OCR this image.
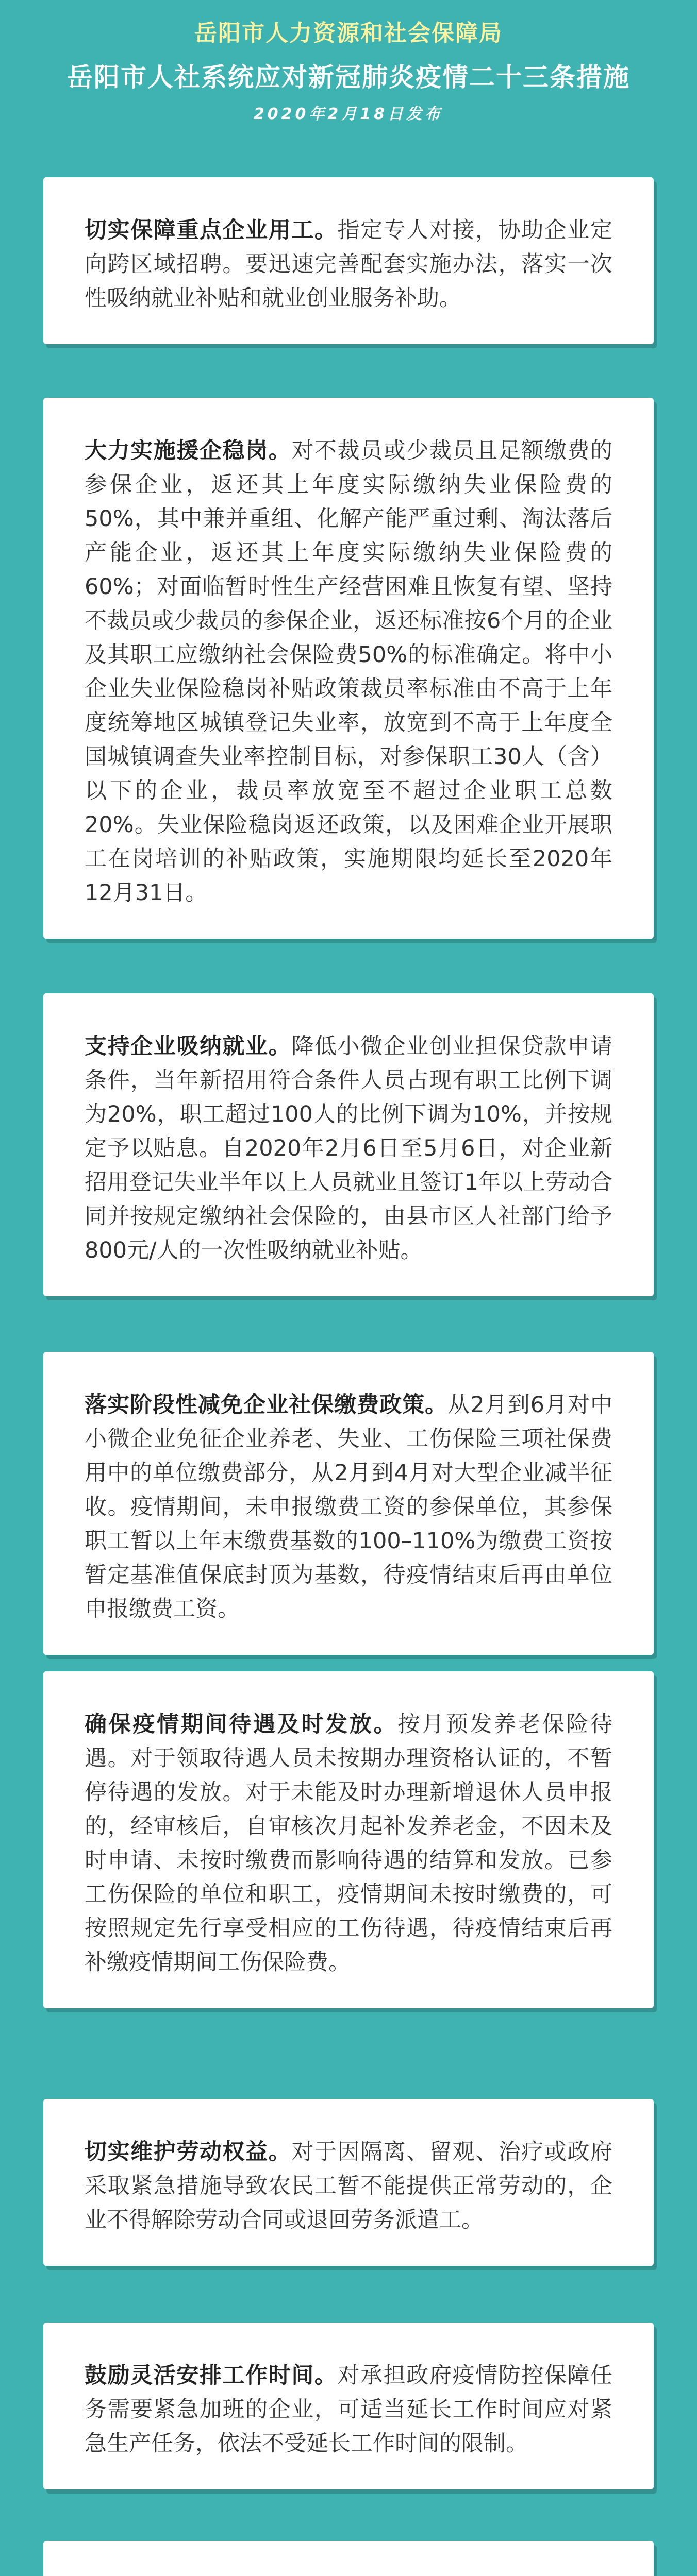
岳阳市人力资源和社会保障局
岳阳市人社系统应对新冠肺炎疫情二十三条措施
2020年2月18日发布

切实保障重点企业用工。指定专人对接，协助企业定向跨区域招聘。要迅速完善配套实施办法，落实一次性吸纳就业补贴和就业创业服务补助。

大力实施援企稳岗。对不裁员或少裁员且足额缴费的参保企业，返还其上年度实际缴纳失业保险费的50%，其中兼并重组、化解产能严重过剩、淘汰落后产能企业，返还其上年度实际缴纳失业保险费的60%；对面临暂时性生产经营困难且恢复有望、坚持不裁员或少裁员的参保企业，返还标准按6个月的企业及其职工应缴纳社会保险费50%的标准确定。将中小企业失业保险稳岗补贴政策裁员率标准由不高于上年度统筹地区城镇登记失业率，放宽到不高于上年度全国城镇调查失业率控制目标，对参保职工30人（含）以下的企业，裁员率放宽至不超过企业职工总数20%。失业保险稳岗返还政策，以及困难企业开展职工在岗培训的补贴政策，实施期限均延长至2020年12月31日。

支持企业吸纳就业。降低小微企业创业担保贷款申请条件，当年新招用符合条件人员占现有职工比例下调为20%，职工超过100人的比例下调为10%，并按规定予以贴息。自2020年2月6日至5月6日，对企业新招用登记失业半年以上人员就业且签订1年以上劳动合同并按规定缴纳社会保险的，由县市区人社部门给予800元/人的一次性吸纳就业补贴。

落实阶段性减免企业社保缴费政策。从2月到6月对中小微企业免征企业养老、失业、工伤保险三项社保费用中的单位缴费部分，从2月到4月对大型企业减半征收。疫情期间，未申报缴费工资的参保单位，其参保职工暂以上年末缴费基数的100–110%为缴费工资按暂定基准值保底封顶为基数，待疫情结束后再由单位申报缴费工资。

确保疫情期间待遇及时发放。按月预发养老保险待遇。对于领取待遇人员未按期办理资格认证的，不暂停待遇的发放。对于未能及时办理新增退休人员申报的，经审核后，自审核次月起补发养老金，不因未及时申请、未按时缴费而影响待遇的结算和发放。已参工伤保险的单位和职工，疫情期间未按时缴费的，可按照规定先行享受相应的工伤待遇，待疫情结束后再补缴疫情期间工伤保险费。

切实维护劳动权益。对于因隔离、留观、治疗或政府采取紧急措施导致农民工暂不能提供正常劳动的，企业不得解除劳动合同或退回劳务派遣工。

鼓励灵活安排工作时间。对承担政府疫情防控保障任务需要紧急加班的企业，可适当延长工作时间应对紧急生产任务，依法不受延长工作时间的限制。
